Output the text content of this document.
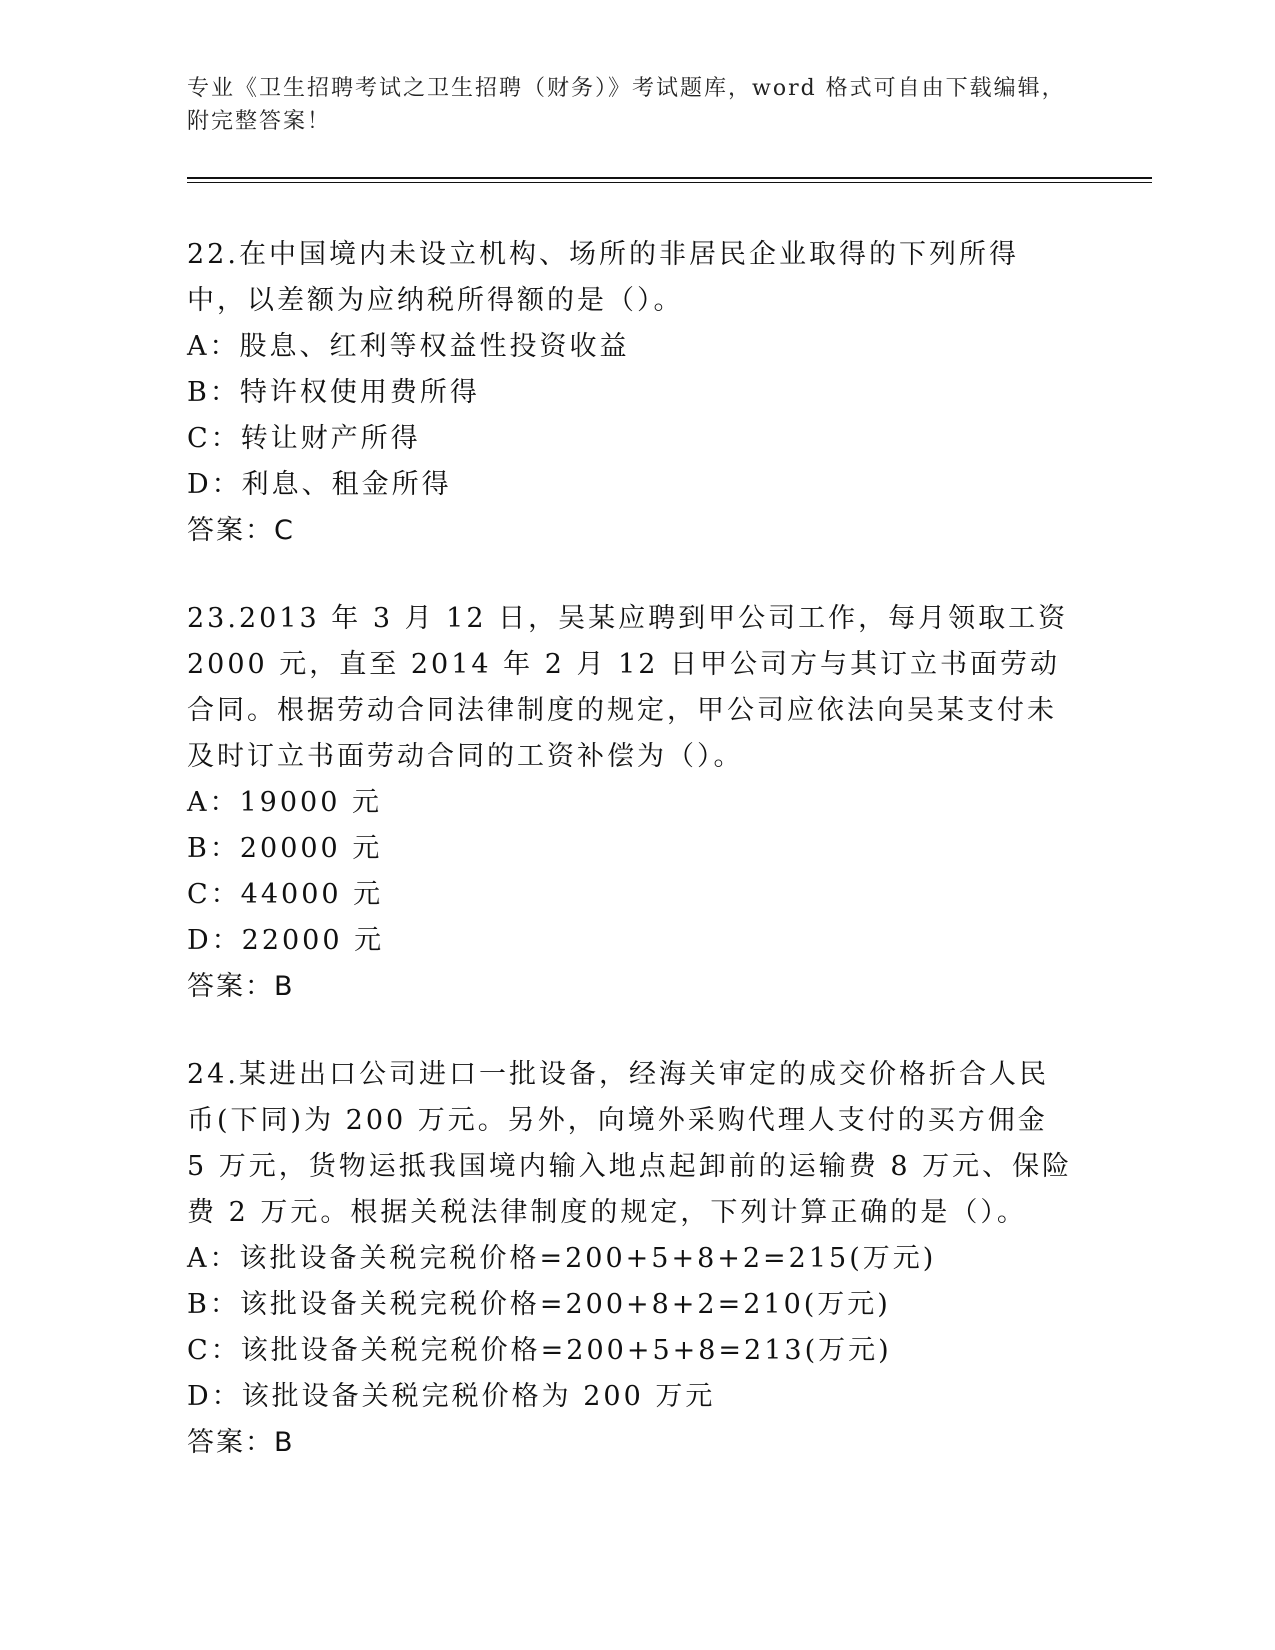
专业《卫生招聘考试之卫生招聘（财务）》考试题库，word 格式可自由下载编辑，附完整答案！
22.在中国境内未设立机构、场所的非居民企业取得的下列所得中，以差额为应纳税所得额的是（）。
A：股息、红利等权益性投资收益
B：特许权使用费所得
C：转让财产所得
D：利息、租金所得
答案：C
23.2013 年 3 月 12 日，吴某应聘到甲公司工作，每月领取工资 2000 元，直至 2014 年 2 月 12 日甲公司方与其订立书面劳动合同。根据劳动合同法律制度的规定，甲公司应依法向吴某支付未及时订立书面劳动合同的工资补偿为（）。
A：19000 元
B：20000 元
C：44000 元
D：22000 元
答案：B
24.某进出口公司进口一批设备，经海关审定的成交价格折合人民币(下同)为 200 万元。另外，向境外采购代理人支付的买方佣金 5 万元，货物运抵我国境内输入地点起卸前的运输费 8 万元、保险费 2 万元。根据关税法律制度的规定，下列计算正确的是（）。
A：该批设备关税完税价格=200+5+8+2=215(万元)
B：该批设备关税完税价格=200+8+2=210(万元)
C：该批设备关税完税价格=200+5+8=213(万元)
D：该批设备关税完税价格为 200 万元
答案：B
